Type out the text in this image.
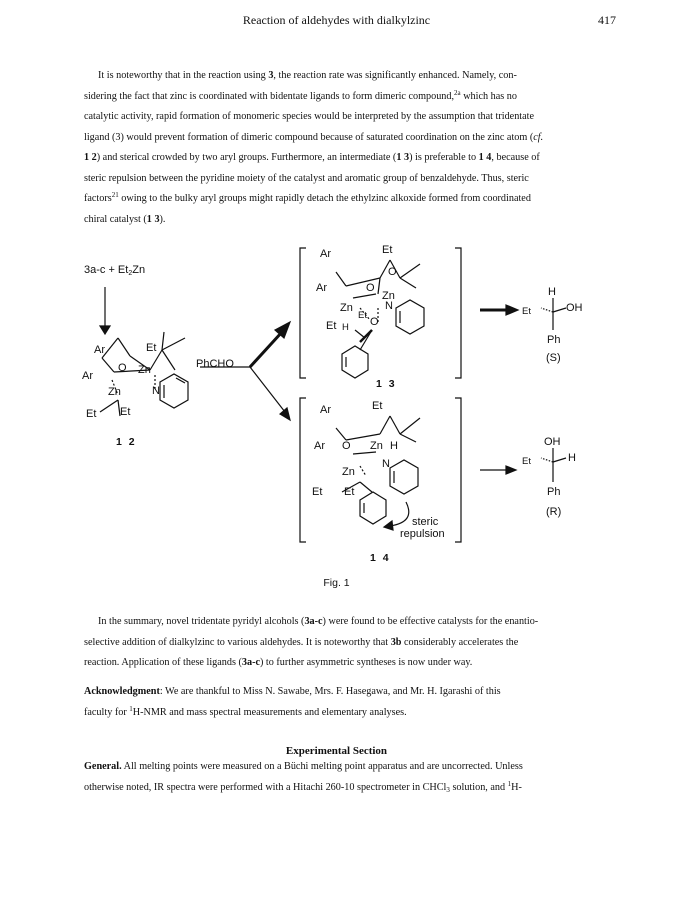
Reaction of aldehydes with dialkylzinc	417
It is noteworthy that in the reaction using 3, the reaction rate was significantly enhanced. Namely, con-
sidering the fact that zinc is coordinated with bidentate ligands to form dimeric compound,$^{2a}$ which has no
catalytic activity, rapid formation of monomeric species would be interpreted by the assumption that tridentate
ligand (3) would prevent formation of dimeric compound because of saturated coordination on the zinc atom (cf.
1 2) and sterical crowded by two aryl groups. Furthermore, an intermediate (1 3) is preferable to 1 4, because of
steric repulsion between the pyridine moiety of the catalyst and aromatic group of benzaldehyde. Thus, steric
factors$^{21}$ owing to the bulky aryl groups might rapidly detach the ethylzinc alkoxide formed from coordinated
chiral catalyst (1 3).
$3a-c + Et_2Zn$
Ar
Ar
Et
O Zn
Zn	N
Et Et
1 2
PhCHO
Ar
Ar
Et
O
O
Zn
Zn
Et
O
N
Et H
1 3
H
Et	OH
Ph
(S)
Ar
Ar
Et
O Zn H
Zn
N
Et Et
steric
repulsion
1 4
OH
Et	H
Ph
(R)
Fig. 1
In the summary, novel tridentate pyridyl alcohols (3a-c) were found to be effective catalysts for the enantio-
selective addition of dialkylzinc to various aldehydes. It is noteworthy that 3b considerably accelerates the
reaction. Application of these ligands (3a-c) to further asymmetric syntheses is now under way.
Acknowledgment: We are thankful to Miss N. Sawabe, Mrs. F. Hasegawa, and Mr. H. Igarashi of this
faculty for $^1$H-NMR and mass spectral measurements and elementary analyses.
Experimental Section
General. All melting points were measured on a Büchi melting point apparatus and are uncorrected. Unless
otherwise noted, IR spectra were performed with a Hitachi 260-10 spectrometer in CHCl$_3$ solution, and $^1$H-
